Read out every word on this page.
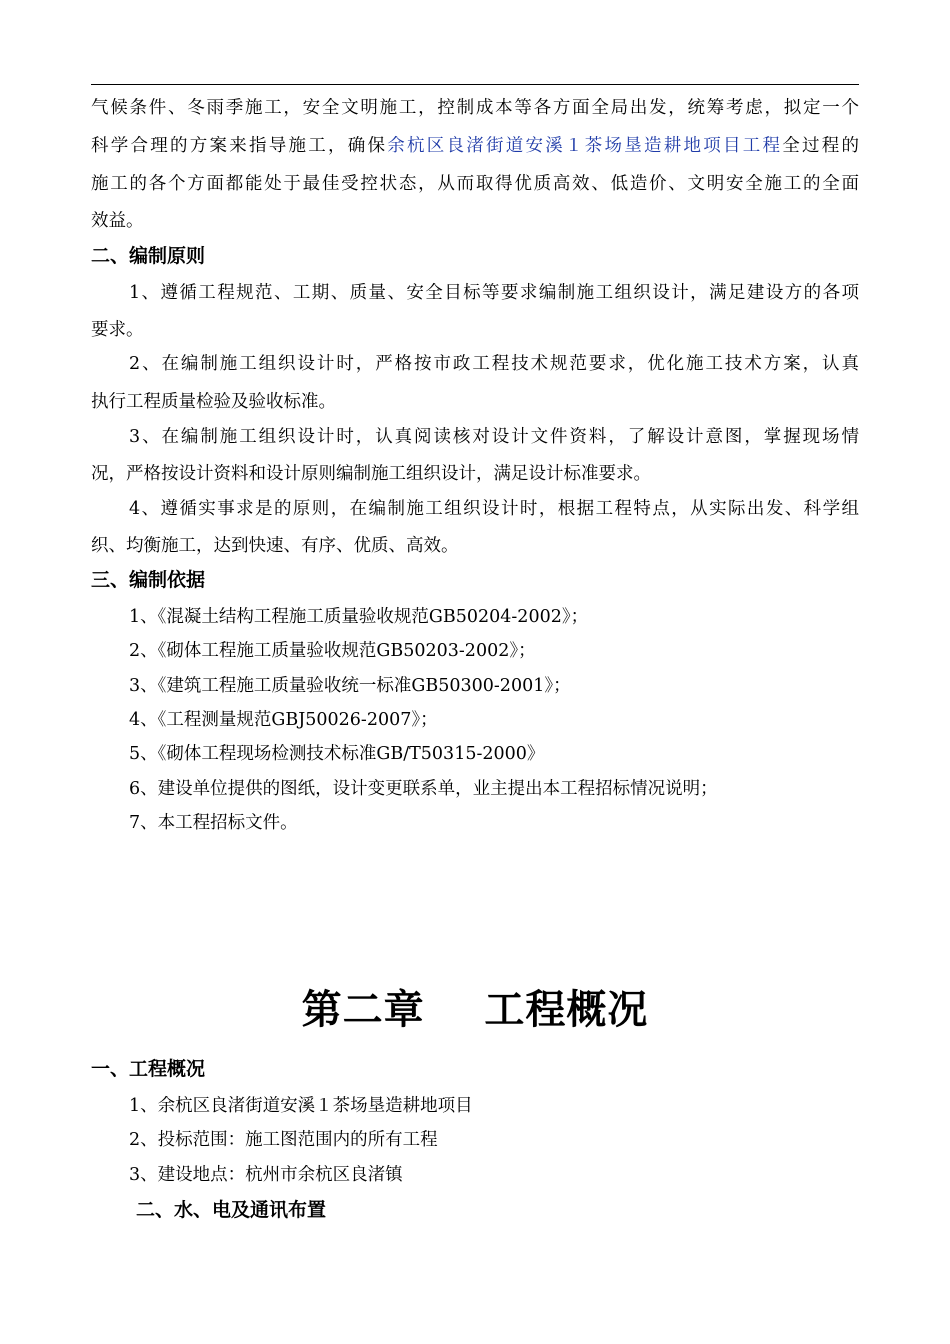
气候条件、冬雨季施工，安全文明施工，控制成本等各方面全局出发，统筹考虑，拟定一个
科学合理的方案来指导施工，确保余杭区良渚街道安溪１茶场垦造耕地项目工程全过程的
施工的各个方面都能处于最佳受控状态，从而取得优质高效、低造价、文明安全施工的全面
效益。
二、编制原则
1、遵循工程规范、工期、质量、安全目标等要求编制施工组织设计，满足建设方的各项
要求。
2、在编制施工组织设计时，严格按市政工程技术规范要求，优化施工技术方案，认真
执行工程质量检验及验收标准。
3、在编制施工组织设计时，认真阅读核对设计文件资料，了解设计意图，掌握现场情
况，严格按设计资料和设计原则编制施工组织设计，满足设计标准要求。
4、遵循实事求是的原则，在编制施工组织设计时，根据工程特点，从实际出发、科学组
织、均衡施工，达到快速、有序、优质、高效。
三、编制依据
1、《混凝土结构工程施工质量验收规范GB50204-2002》；
2、《砌体工程施工质量验收规范GB50203-2002》；
3、《建筑工程施工质量验收统一标准GB50300-2001》；
4、《工程测量规范GBJ50026-2007》；
5、《砌体工程现场检测技术标准GB/T50315-2000》
6、建设单位提供的图纸，设计变更联系单，业主提出本工程招标情况说明；
7、本工程招标文件。
第二章    工程概况
一、工程概况
1、余杭区良渚街道安溪１茶场垦造耕地项目
2、投标范围：施工图范围内的所有工程
3、建设地点：杭州市余杭区良渚镇
二、水、电及通讯布置
